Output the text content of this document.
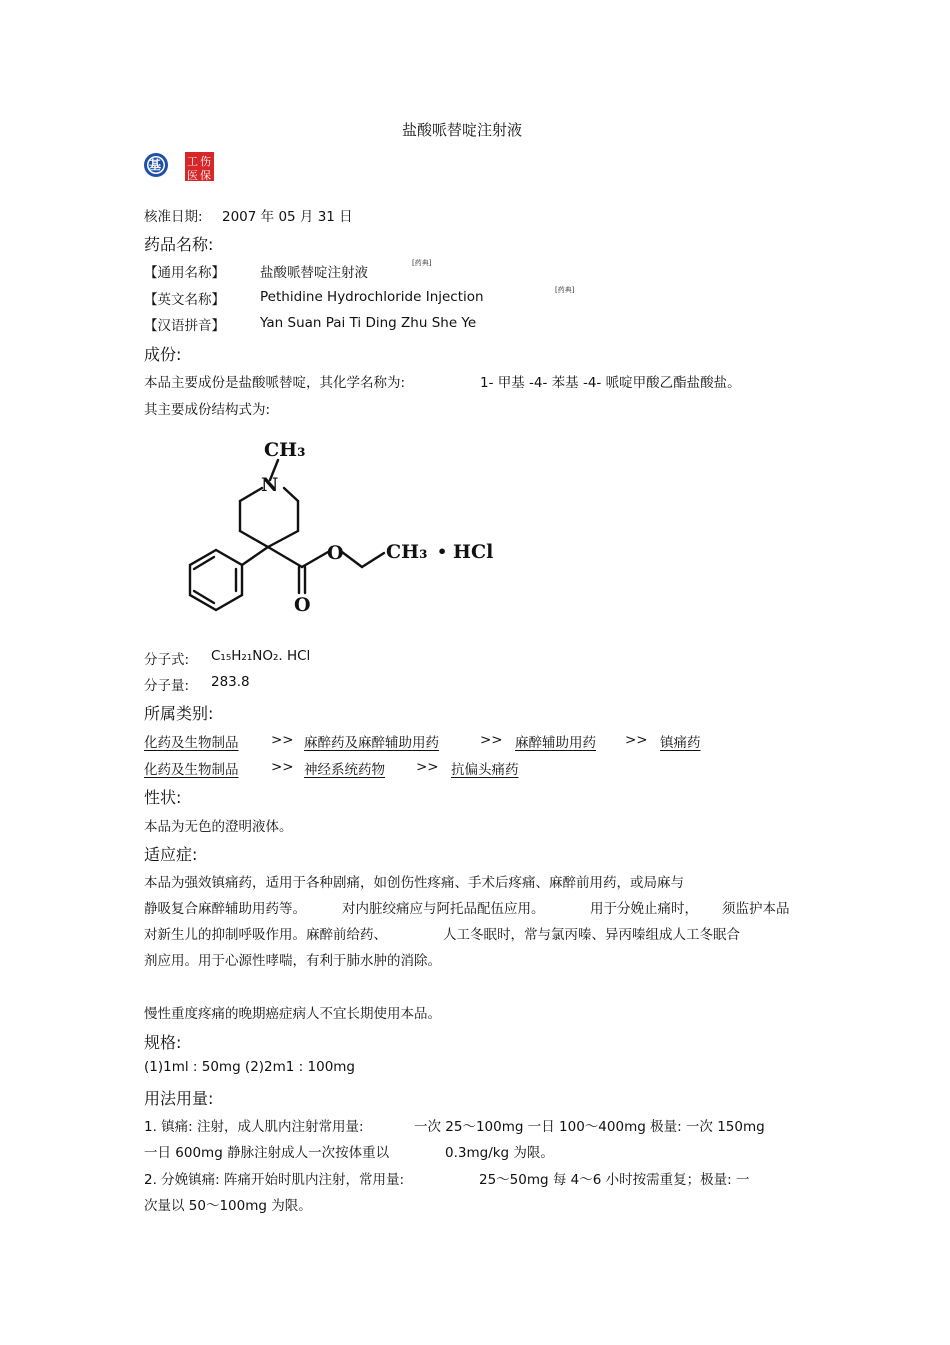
盐酸哌替啶注射液
基 工 伤
医 保
核准日期: 2007 年 05 月 31 日
药品名称:
【通用名称】	盐酸哌替啶注射液
[药典]
【英文名称】	Pethidine Hydrochloride Injection	[药典]
【汉语拼音】	Yan Suan Pai Ti Ding Zhu She Ye
成份:
本品主要成份是盐酸哌替啶，其化学名称为:	1- 甲基 -4- 苯基 -4- 哌啶甲酸乙酯盐酸盐。
其主要成份结构式为:
CH₃
N
O
O
CH₃ • HCl
分子式: C₁₅H₂₁NO₂. HCl
分子量: 283.8
所属类别:
化药及生物制品 >> 麻醉药及麻醉辅助用药	>> 麻醉辅助用药 >> 镇痛药
化药及生物制品 >> 神经系统药物 >> 抗偏头痛药
性状:
本品为无色的澄明液体。
适应症:
本品为强效镇痛药，适用于各种剧痛，如创伤性疼痛、手术后疼痛、麻醉前用药，或局麻与
静吸复合麻醉辅助用药等。	对内脏绞痛应与阿托品配伍应用。	用于分娩止痛时， 须监护本品
对新生儿的抑制呼吸作用。麻醉前给药、	人工冬眠时，常与氯丙嗪、异丙嗪组成人工冬眠合
剂应用。用于心源性哮喘，有利于肺水肿的消除。
慢性重度疼痛的晚期癌症病人不宜长期使用本品。
规格:
(1)1ml : 50mg (2)2m1 : 100mg
用法用量:
1. 镇痛: 注射，成人肌内注射常用量:	一次 25～100mg 一日 100～400mg 极量: 一次 150mg
一日 600mg 静脉注射成人一次按体重以	0.3mg/kg 为限。
2. 分娩镇痛: 阵痛开始时肌内注射，常用量:	25～50mg 每 4～6 小时按需重复；极量: 一
次量以 50～100mg 为限。
